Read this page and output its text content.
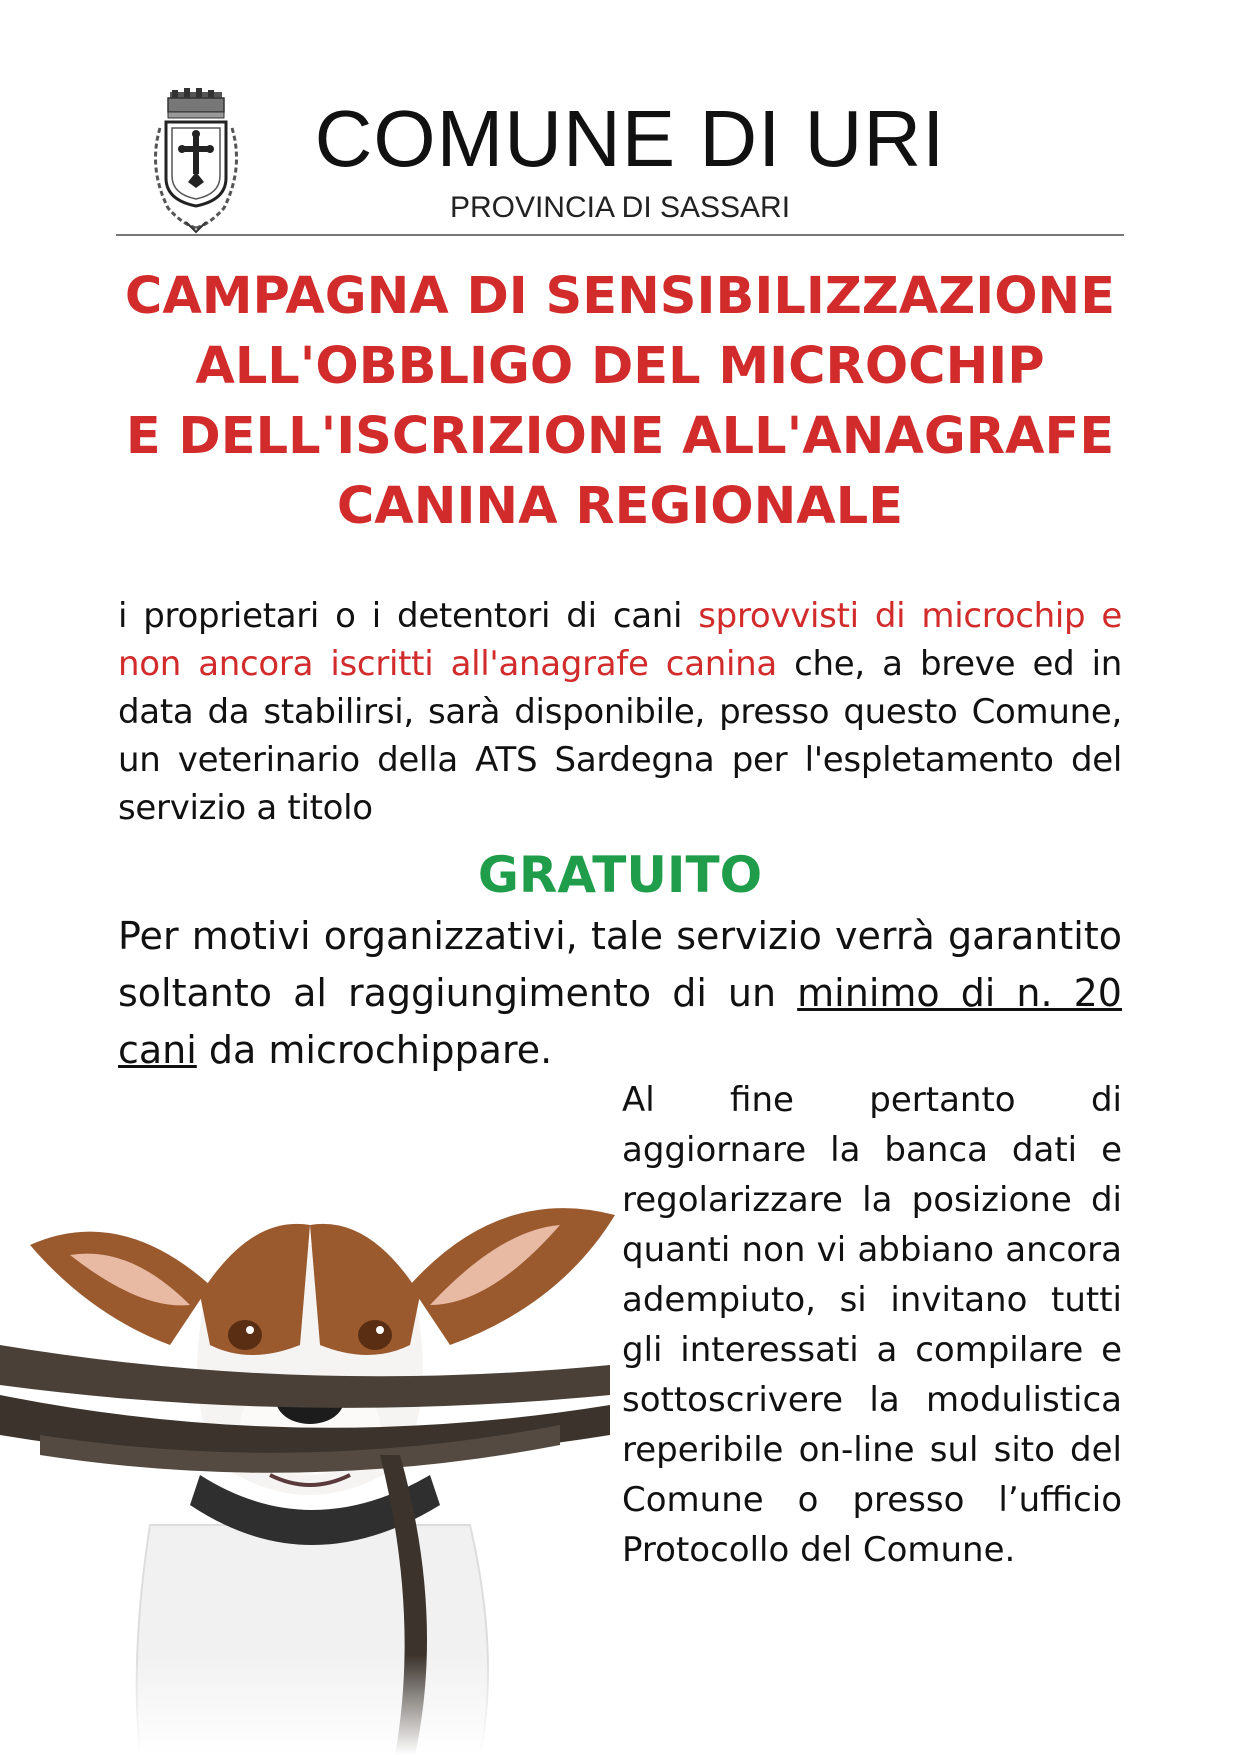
COMUNE DI URI
PROVINCIA DI SASSARI
CAMPAGNA DI SENSIBILIZZAZIONE
ALL'OBBLIGO DEL MICROCHIP
E DELL'ISCRIZIONE ALL'ANAGRAFE
CANINA REGIONALE
i proprietari o i detentori di cani sprovvisti di microchip e non ancora iscritti all'anagrafe canina che, a breve ed in data da stabilirsi, sarà disponibile, presso questo Comune, un veterinario della ATS Sardegna per l'espletamento del servizio a titolo
GRATUITO
Per motivi organizzativi, tale servizio verrà garantito soltanto al raggiungimento di un minimo di n. 20 cani da microchippare.
Al fine pertanto di aggiornare la banca dati e regolarizzare la posizione di quanti non vi abbiano ancora adempiuto, si invitano tutti gli interessati a compilare e sottoscrivere la modulistica reperibile on-line sul sito del Comune o presso l’ufficio Protocollo del Comune.
